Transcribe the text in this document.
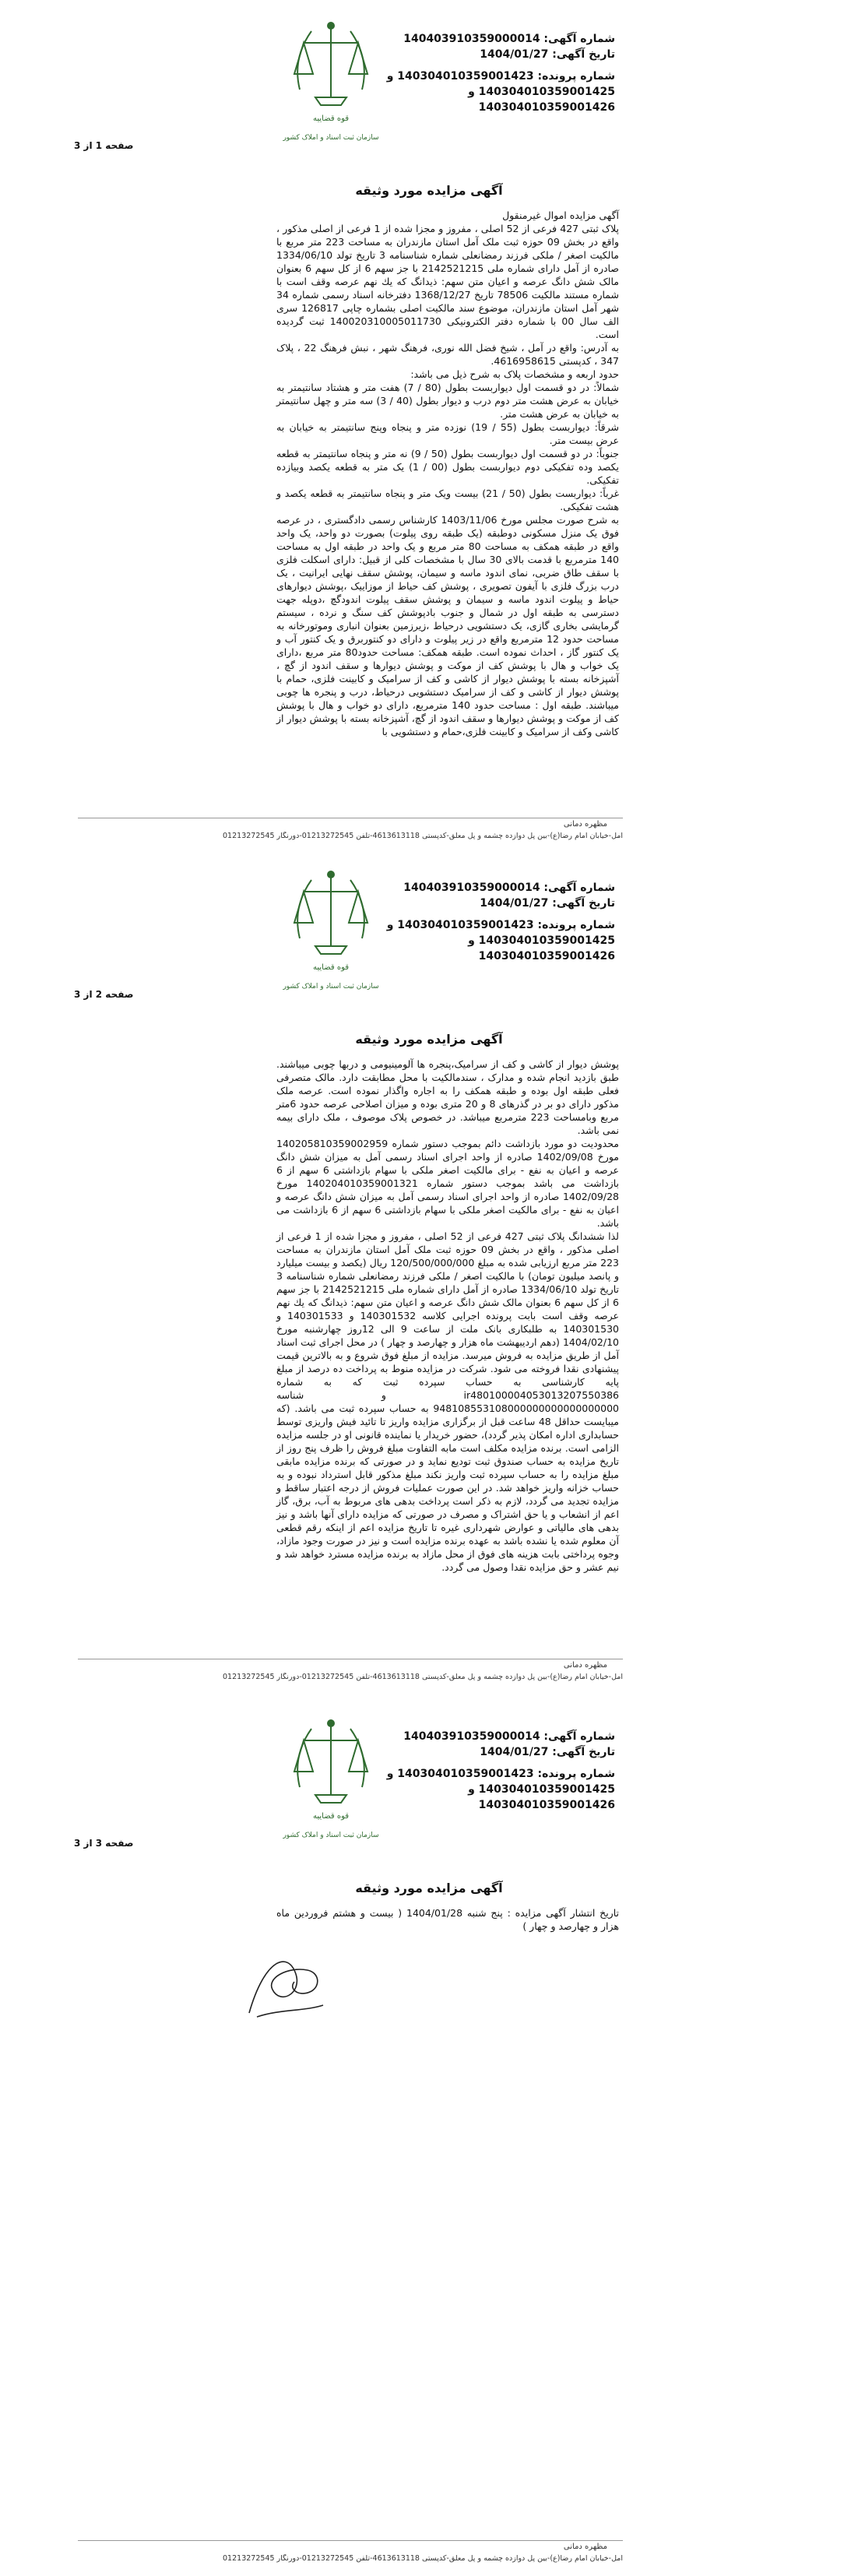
قوه قضاییه
سازمان ثبت اسناد و املاک کشور
شماره آگهی: 140403910359000014
تاریخ آگهی: 1404/01/27
شماره پرونده: 140304010359001423 و
140304010359001425 و
140304010359001426
صفحه 1 از 3
آگهی مزایده مورد وثیقه

آگهی مزایده اموال غیرمنقول

پلاک ثبتی 427 فرعی از 52 اصلی ، مفروز و مجزا شده از 1 فرعی از اصلی مذکور ، واقع در بخش 09 حوزه ثبت ملک آمل استان مازندران به مساحت 223 متر مربع با مالکیت اصغر / ملکی فرزند رمضانعلی شماره شناسنامه 3 تاریخ تولد 1334/06/10 صادره از آمل دارای شماره ملی 2142521215 با جز سهم 6 از کل سهم 6 بعنوان مالک شش دانگ عرصه و اعیان متن سهم: ذیدانگ که یك نهم عرصه وقف است با شماره مستند مالکیت 78506 تاریخ 1368/12/27 دفترخانه اسناد رسمی شماره 34 شهر آمل استان مازندران، موضوع سند مالکیت اصلی بشماره چاپی 126817 سری الف سال 00 با شماره دفتر الکترونیکی 140020310005011730 ثبت گردیده است.

به آدرس: واقع در آمل ، شیخ فضل الله نوری، فرهنگ شهر ، نبش فرهنگ 22 ، پلاک 347 ، کدپستی 4616958615.

حدود اربعه و مشخصات پلاک به شرح ذیل می باشد:

شمالاً: در دو قسمت اول دیواربست بطول (80 / 7) هفت متر و هشتاد سانتیمتر به خیابان به عرض هشت متر دوم درب و دیوار بطول (40 / 3) سه متر و چهل سانتیمتر به خیابان به عرض هشت متر.

شرقاً: دیواربست بطول (55 / 19) نوزده متر و پنجاه وپنج سانتیمتر به خیابان به عرض بیست متر.

جنوباً: در دو قسمت اول دیواربست بطول (50 / 9) نه متر و پنجاه سانتیمتر به قطعه یکصد وده تفکیکی دوم دیواربست بطول (00 / 1) یک متر به قطعه یکصد وبیازده تفکیکی.

غرباً: دیواربست بطول (50 / 21) بیست ویک متر و پنجاه سانتیمتر به قطعه یکصد و هشت تفکیکی.

به شرح صورت مجلس مورخ 1403/11/06 کارشناس رسمی دادگستری ، در عرصه فوق یک منزل مسکونی دوطبقه (یک طبقه روی پیلوت) بصورت دو واحد، یک واحد واقع در طبقه همکف به مساحت 80 متر مربع و یک واحد در طبقه اول به مساحت 140 مترمربع با قدمت بالای 30 سال با مشخصات کلی از قبیل: دارای اسکلت فلزی با سقف طاق ضربی، نمای اندود ماسه و سیمان، پوشش سقف نهایی ایرانیت ، یک درب بزرگ فلزی با آیفون تصویری ، پوشش کف حیاط از موزاییک ،پوشش دیوارهای حیاط و پیلوت اندود ماسه و سیمان و پوشش سقف پیلوت اندودگچ ،دوپله جهت دسترسی به طبقه اول در شمال و جنوب بادپوشش کف سنگ و نرده ، سیستم گرمایشی بخاری گازی، یک دستشویی درحیاط ،زیرزمین بعنوان انباری وموتورخانه به مساحت حدود 12 مترمربع واقع در زیر پیلوت و دارای دو کنتوربرق و یک کنتور آب و یک کنتور گاز ، احداث نموده است. طبقه همکف: مساحت حدود80 متر مربع ،دارای یک خواب و هال با پوشش کف از موکت و پوشش دیوارها و سقف اندود از گچ ، آشپزخانه بسته با پوشش دیوار از کاشی و کف از سرامیک و کابینت فلزی، حمام با پوشش دیوار از کاشی و کف از سرامیک دستشویی درحیاط، درب و پنجره ها چوبی میباشند. طبقه اول : مساحت حدود 140 مترمربع، دارای دو خواب و هال با پوشش کف از موکت و پوشش دیوارها و سقف اندود از گچ، آشپزخانه بسته با پوشش دیوار از کاشی وکف از سرامیک و کابینت فلزی،حمام و دستشویی با

مظهره دمانی
آمل-خیابان امام رضا(ع)-بین پل دوازده چشمه و پل معلق-کدپستی 4613613118-تلفن 01213272545-دورنگار 01213272545
قوه قضاییه
سازمان ثبت اسناد و املاک کشور
شماره آگهی: 140403910359000014
تاریخ آگهی: 1404/01/27
شماره پرونده: 140304010359001423 و
140304010359001425 و
140304010359001426
صفحه 2 از 3
آگهی مزایده مورد وثیقه

پوشش دیوار از کاشی و کف از سرامیک،پنجره ها آلومینیومی و دربها چوبی میباشند. طبق بازدید انجام شده و مدارک ، سندمالکیت با محل مطابقت دارد. مالک متصرفی فعلی طبقه اول بوده و طبقه همکف را به اجاره واگذار نموده است. عرصه ملک مذکور دارای دو بر در گذرهای 8 و 20 متری بوده و میزان اصلاحی عرصه حدود 6متر مربع وبامساحت 223 مترمربع میباشد. در خصوص پلاک موصوف ، ملک دارای بیمه نمی باشد.

محدودیت دو مورد بازداشت دائم بموجب دستور شماره 140205810359002959 مورخ 1402/09/08 صادره از واحد اجرای اسناد رسمی آمل به میزان شش دانگ عرصه و اعیان به نفع - برای مالکیت اصغر ملکی با سهام بازداشتی 6 سهم از 6 بازداشت می باشد بموجب دستور شماره 140204010359001321 مورخ 1402/09/28 صادره از واحد اجرای اسناد رسمی آمل به میزان شش دانگ عرصه و اعیان به نفع - برای مالکیت اصغر ملکی با سهام بازداشتی 6 سهم از 6 بازداشت می باشد.

لذا ششدانگ پلاک ثبتی 427 فرعی از 52 اصلی ، مفروز و مجزا شده از 1 فرعی از اصلی مذکور ، واقع در بخش 09 حوزه ثبت ملک آمل استان مازندران به مساحت 223 متر مربع ارزیابی شده به مبلغ 120/500/000/000 ریال (یکصد و بیست میلیارد و پانصد میلیون تومان) با مالکیت اصغر / ملکی فرزند رمضانعلی شماره شناسنامه 3 تاریخ تولد 1334/06/10 صادره از آمل دارای شماره ملی 2142521215 با جز سهم 6 از کل سهم 6 بعنوان مالک شش دانگ عرصه و اعیان متن سهم: ذیدانگ که یك نهم عرصه وقف است بابت پرونده اجرایی کلاسه 140301532 و 140301533 و 140301530 به طلبکاری بانک ملت از ساعت 9 الی 12روز چهارشنبه مورخ 1404/02/10 (دهم اردیبهشت ماه هزار و چهارصد و چهار ) در محل اجرای ثبت اسناد آمل از طریق مزایده به فروش میرسد. مزایده از مبلغ فوق شروع و به بالاترین قیمت پیشنهادی نقدا فروخته می شود. شرکت در مزایده منوط به پرداخت ده درصد از مبلغ پایه کارشناسی به حساب سپرده ثبت که به شماره ir480100004053013207550386 و شناسه 948108553108000000000000000000 به حساب سپرده ثبت می باشد. (که میبایست حداقل 48 ساعت قبل از برگزاری مزایده واریز تا تائید فیش واریزی توسط حسابداری اداره امکان پذیر گردد)، حضور خریدار یا نماینده قانونی او در جلسه مزایده الزامی است. برنده مزایده مکلف است مابه التفاوت مبلغ فروش را ظرف پنج روز از تاریخ مزایده به حساب صندوق ثبت تودیع نماید و در صورتی که برنده مزایده مابقی مبلغ مزایده را به حساب سپرده ثبت واریز نکند مبلغ مذکور قابل استرداد نبوده و به حساب خزانه واریز خواهد شد. در این صورت عملیات فروش از درجه اعتبار ساقط و مزایده تجدید می گردد، لازم به ذکر است پرداخت بدهی های مربوط به آب، برق، گاز اعم از انشعاب و یا حق اشتراک و مصرف در صورتی که مزایده دارای آنها باشد و نیز بدهی های مالیاتی و عوارض شهرداری غیره تا تاریخ مزایده اعم از اینکه رقم قطعی آن معلوم شده یا نشده باشد به عهده برنده مزایده است و نیز در صورت وجود مازاد، وجوه پرداختی بابت هزینه های فوق از محل مازاد به برنده مزایده مسترد خواهد شد و نیم عشر و حق مزایده نقدا وصول می گردد.

مظهره دمانی
آمل-خیابان امام رضا(ع)-بین پل دوازده چشمه و پل معلق-کدپستی 4613613118-تلفن 01213272545-دورنگار 01213272545
قوه قضاییه
سازمان ثبت اسناد و املاک کشور
شماره آگهی: 140403910359000014
تاریخ آگهی: 1404/01/27
شماره پرونده: 140304010359001423 و
140304010359001425 و
140304010359001426
صفحه 3 از 3
آگهی مزایده مورد وثیقه

تاریخ انتشار آگهی مزایده : پنج شنبه 1404/01/28 ( بیست و هشتم فروردین ماه هزار و چهارصد و چهار )

مظهره دمانی
آمل-خیابان امام رضا(ع)-بین پل دوازده چشمه و پل معلق-کدپستی 4613613118-تلفن 01213272545-دورنگار 01213272545
